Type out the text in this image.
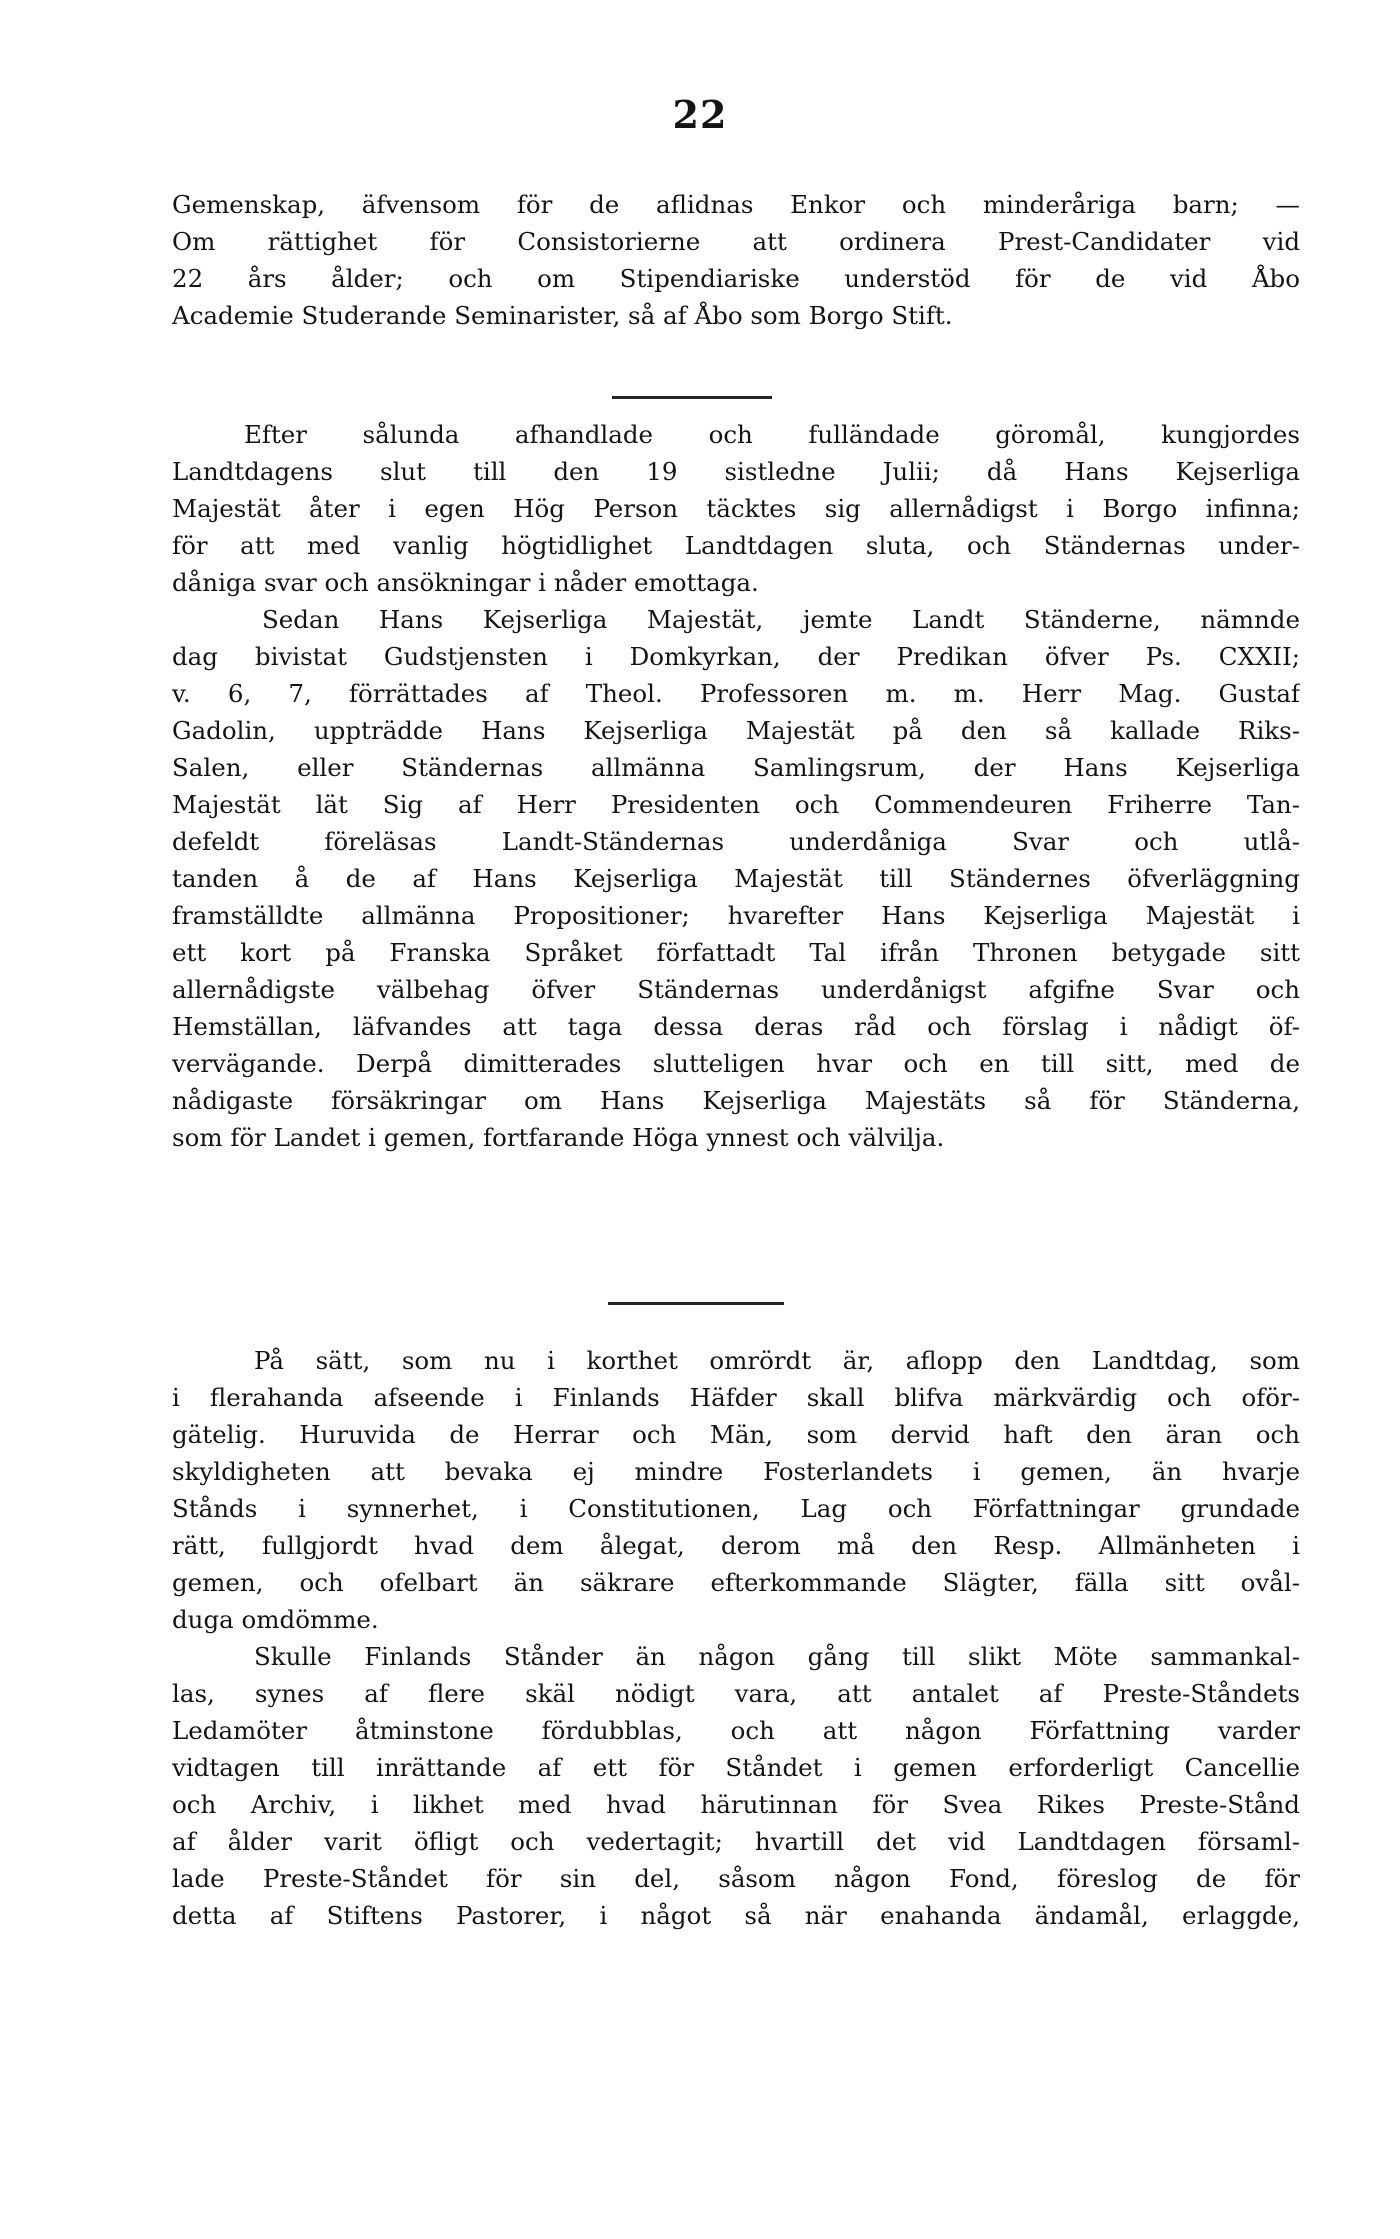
22
Gemenskap, äfvensom för de aflidnas Enkor och minderåriga barn; —
Om rättighet för Consistorierne att ordinera Prest-Candidater vid
22 års ålder; och om Stipendiariske understöd för de vid Åbo
Academie Studerande Seminarister, så af Åbo som Borgo Stift.
Efter sålunda afhandlade och fulländade göromål, kungjordes
Landtdagens slut till den 19 sistledne Julii; då Hans Kejserliga
Majestät åter i egen Hög Person täcktes sig allernådigst i Borgo infinna;
för att med vanlig högtidlighet Landtdagen sluta, och Ständernas under-
dåniga svar och ansökningar i nåder emottaga.
Sedan Hans Kejserliga Majestät, jemte Landt Ständerne, nämnde
dag bivistat Gudstjensten i Domkyrkan, der Predikan öfver Ps. CXXII;
v. 6, 7, förrättades af Theol. Professoren m. m. Herr Mag. Gustaf
Gadolin, uppträdde Hans Kejserliga Majestät på den så kallade Riks-
Salen, eller Ständernas allmänna Samlingsrum, der Hans Kejserliga
Majestät lät Sig af Herr Presidenten och Commendeuren Friherre Tan-
defeldt föreläsas Landt-Ständernas underdåniga Svar och utlå-
tanden å de af Hans Kejserliga Majestät till Ständernes öfverläggning
framställdte allmänna Propositioner; hvarefter Hans Kejserliga Majestät i
ett kort på Franska Språket författadt Tal ifrån Thronen betygade sitt
allernådigste välbehag öfver Ständernas underdånigst afgifne Svar och
Hemställan, läfvandes att taga dessa deras råd och förslag i nådigt öf-
vervägande. Derpå dimitterades slutteligen hvar och en till sitt, med de
nådigaste försäkringar om Hans Kejserliga Majestäts så för Ständerna,
som för Landet i gemen, fortfarande Höga ynnest och välvilja.
På sätt, som nu i korthet omrördt är, aflopp den Landtdag, som
i flerahanda afseende i Finlands Häfder skall blifva märkvärdig och oför-
gätelig. Huruvida de Herrar och Män, som dervid haft den äran och
skyldigheten att bevaka ej mindre Fosterlandets i gemen, än hvarje
Stånds i synnerhet, i Constitutionen, Lag och Författningar grundade
rätt, fullgjordt hvad dem ålegat, derom må den Resp. Allmänheten i
gemen, och ofelbart än säkrare efterkommande Slägter, fälla sitt ovål-
duga omdömme.
Skulle Finlands Stånder än någon gång till slikt Möte sammankal-
las, synes af flere skäl nödigt vara, att antalet af Preste-Ståndets
Ledamöter åtminstone fördubblas, och att någon Författning varder
vidtagen till inrättande af ett för Ståndet i gemen erforderligt Cancellie
och Archiv, i likhet med hvad härutinnan för Svea Rikes Preste-Stånd
af ålder varit öfligt och vedertagit; hvartill det vid Landtdagen församl-
lade Preste-Ståndet för sin del, såsom någon Fond, föreslog de för
detta af Stiftens Pastorer, i något så när enahanda ändamål, erlaggde,
